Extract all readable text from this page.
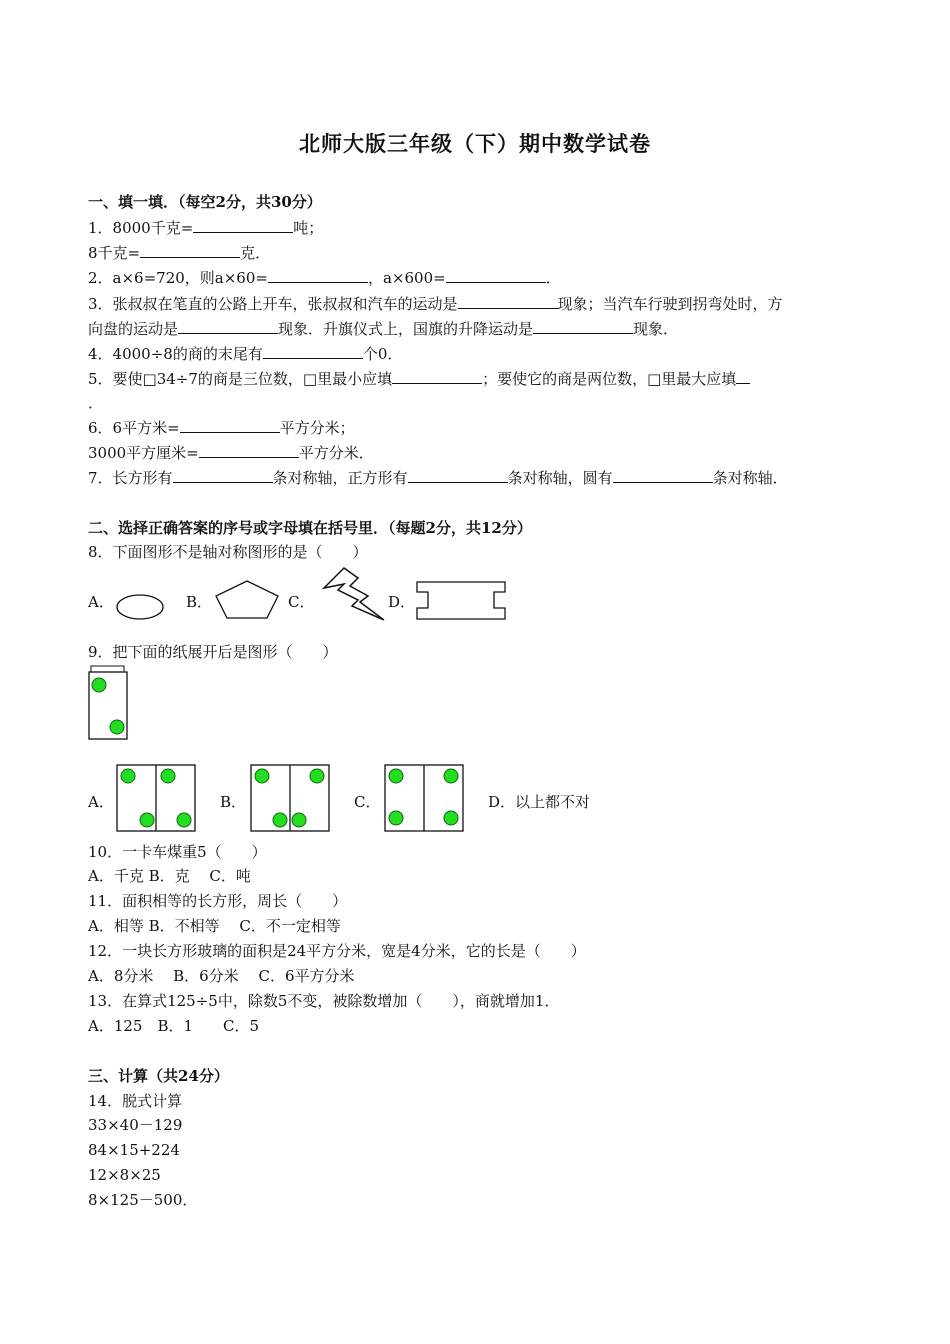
北师大版三年级（下）期中数学试卷
一、填一填．（每空2分，共30分）
1．8000千克=	吨；
8千克=	克．
2．a×6=720，则a×60=	，a×600=	．
3．张叔叔在笔直的公路上开车，张叔叔和汽车的运动是	现象；当汽车行驶到拐弯处时，方
向盘的运动是	现象．升旗仪式上，国旗的升降运动是	现象．
4．4000÷8的商的末尾有	个0．
5．要使□34÷7的商是三位数，□里最小应填	；要使它的商是两位数，□里最大应填
．
6．6平方米=	平方分米；
3000平方厘米=	平方分米．
7．长方形有	条对称轴，正方形有	条对称轴，圆有	条对称轴．
二、选择正确答案的序号或字母填在括号里．（每题2分，共12分）
8．下面图形不是轴对称图形的是（　　）
A．	B．	C．	D．
9．把下面的纸展开后是图形（　　）
A．	B．	C．	D．以上都不对
10．一卡车煤重5（　　）
A．千克 B．克　 C．吨
11．面积相等的长方形，周长（　　）
A．相等 B．不相等　 C．不一定相等
12．一块长方形玻璃的面积是24平方分米，宽是4分米，它的长是（　　）
A．8分米　 B．6分米　 C．6平方分米
13．在算式125÷5中，除数5不变，被除数增加（　　），商就增加1．
A．125　B．1　　C．5
三、计算（共24分）
14．脱式计算
33×40－129
84×15+224
12×8×25
8×125－500．
